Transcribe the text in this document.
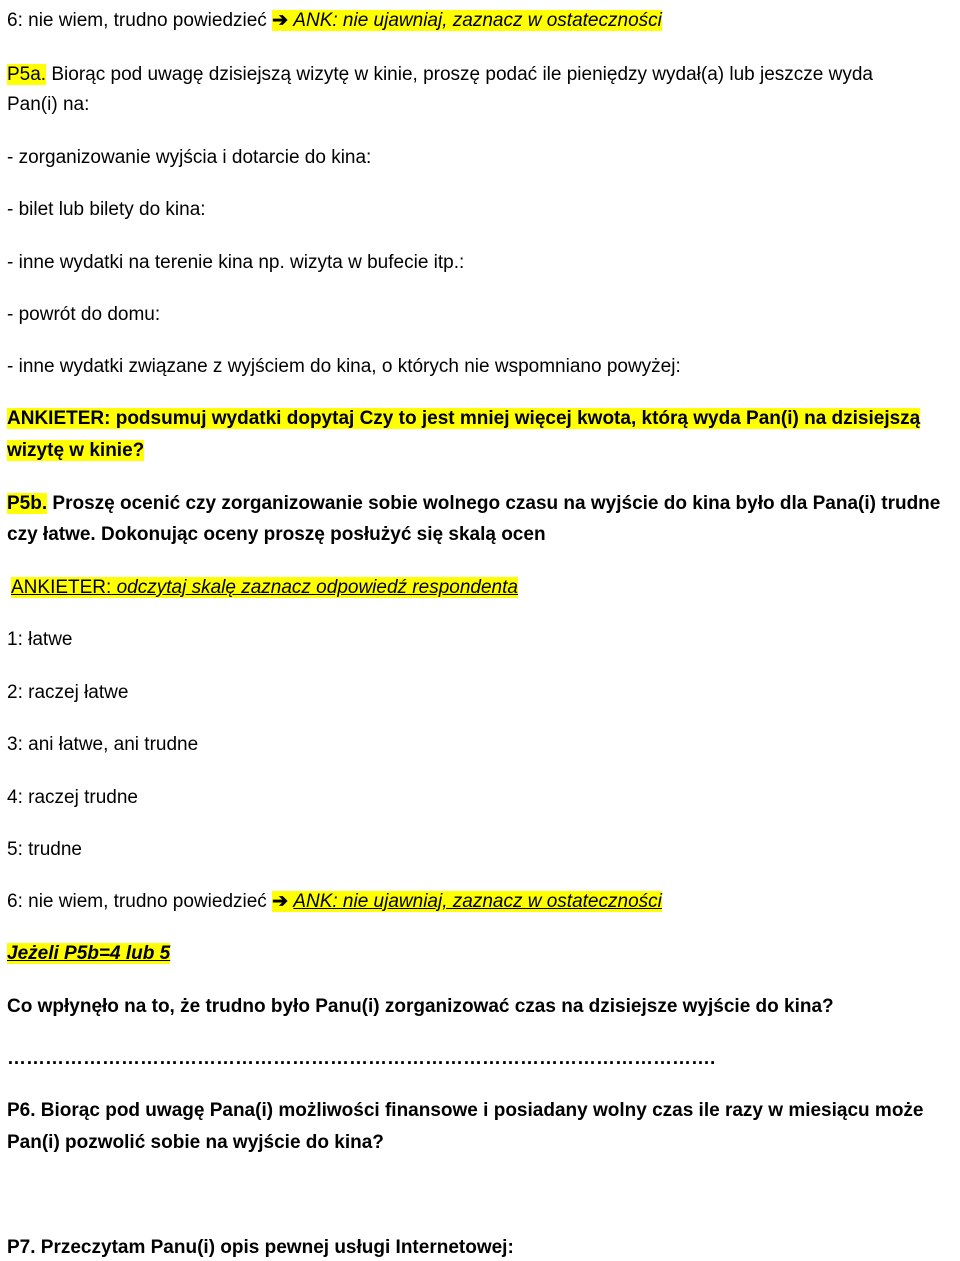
6: nie wiem, trudno powiedzieć ➔ ANK: nie ujawniaj, zaznacz w ostateczności
P5a. Biorąc pod uwagę dzisiejszą wizytę w kinie, proszę podać ile pieniędzy wydał(a) lub jeszcze wyda
Pan(i) na:
- zorganizowanie wyjścia i dotarcie do kina:
- bilet lub bilety do kina:
- inne wydatki na terenie kina np. wizyta w bufecie itp.:
- powrót do domu:
- inne wydatki związane z wyjściem do kina, o których nie wspomniano powyżej:
ANKIETER: podsumuj wydatki dopytaj Czy to jest mniej więcej kwota, którą wyda Pan(i) na dzisiejszą
wizytę w kinie?
P5b. Proszę ocenić czy zorganizowanie sobie wolnego czasu na wyjście do kina było dla Pana(i) trudne
czy łatwe. Dokonując oceny proszę posłużyć się skalą ocen
ANKIETER: odczytaj skalę zaznacz odpowiedź respondenta
1: łatwe
2: raczej łatwe
3: ani łatwe, ani trudne
4: raczej trudne
5: trudne
6: nie wiem, trudno powiedzieć ➔ ANK: nie ujawniaj, zaznacz w ostateczności
Jeżeli P5b=4 lub 5
Co wpłynęło na to, że trudno było Panu(i) zorganizować czas na dzisiejsze wyjście do kina?
………………………………………………………………………………………………….
P6. Biorąc pod uwagę Pana(i) możliwości finansowe i posiadany wolny czas ile razy w miesiącu może
Pan(i) pozwolić sobie na wyjście do kina?
P7. Przeczytam Panu(i) opis pewnej usługi Internetowej:
